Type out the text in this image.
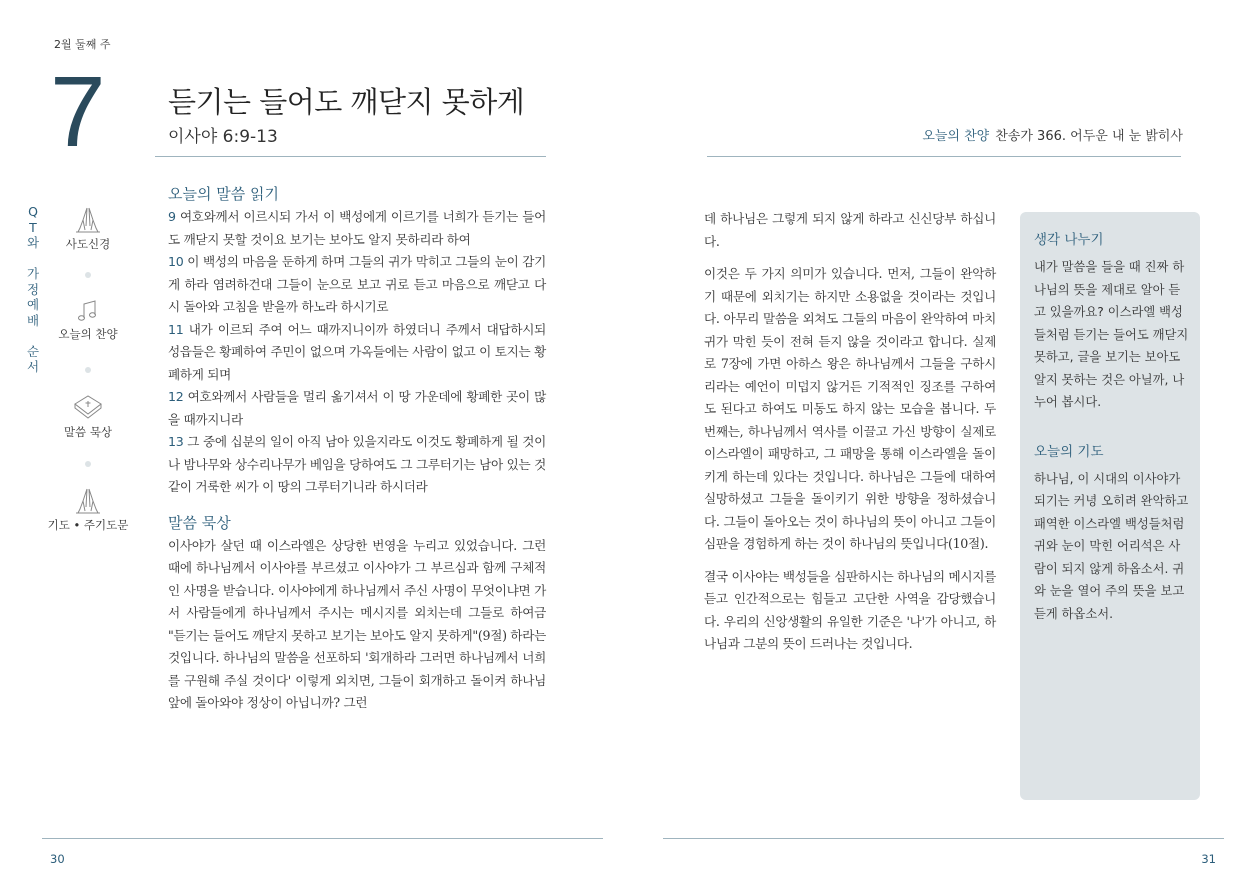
2월 둘째 주
7 듣기는 들어도 깨닫지 못하게
이사야 6:9-13	오늘의 찬양 찬송가 366. 어두운 내 눈 밝히사
Q
T
와
가
정
예
배
순
서
사도신경
오늘의 찬양
말씀 묵상
기도 • 주기도문
오늘의 말씀 읽기

9 여호와께서 이르시되 가서 이 백성에게 이르기를 너희가 듣기는 들어도 깨닫지 못할 것이요 보기는 보아도 알지 못하리라 하여

10 이 백성의 마음을 둔하게 하며 그들의 귀가 막히고 그들의 눈이 감기게 하라 염려하건대 그들이 눈으로 보고 귀로 듣고 마음으로 깨닫고 다시 돌아와 고침을 받을까 하노라 하시기로

11 내가 이르되 주여 어느 때까지니이까 하였더니 주께서 대답하시되 성읍들은 황폐하여 주민이 없으며 가옥들에는 사람이 없고 이 토지는 황폐하게 되며

12 여호와께서 사람들을 멀리 옮기셔서 이 땅 가운데에 황폐한 곳이 많을 때까지니라

13 그 중에 십분의 일이 아직 남아 있을지라도 이것도 황폐하게 될 것이나 밤나무와 상수리나무가 베임을 당하여도 그 그루터기는 남아 있는 것 같이 거룩한 씨가 이 땅의 그루터기니라 하시더라

말씀 묵상

이사야가 살던 때 이스라엘은 상당한 번영을 누리고 있었습니다. 그런 때에 하나님께서 이사야를 부르셨고 이사야가 그 부르심과 함께 구체적인 사명을 받습니다. 이사야에게 하나님께서 주신 사명이 무엇이냐면 가서 사람들에게 하나님께서 주시는 메시지를 외치는데 그들로 하여금 "듣기는 들어도 깨닫지 못하고 보기는 보아도 알지 못하게"(9절) 하라는 것입니다. 하나님의 말씀을 선포하되 '회개하라 그러면 하나님께서 너희를 구원해 주실 것이다' 이렇게 외치면, 그들이 회개하고 돌이켜 하나님 앞에 돌아와야 정상이 아닙니까? 그런

데 하나님은 그렇게 되지 않게 하라고 신신당부 하십니다.

이것은 두 가지 의미가 있습니다. 먼저, 그들이 완악하기 때문에 외치기는 하지만 소용없을 것이라는 것입니다. 아무리 말씀을 외쳐도 그들의 마음이 완악하여 마치 귀가 막힌 듯이 전혀 듣지 않을 것이라고 합니다. 실제로 7장에 가면 아하스 왕은 하나님께서 그들을 구하시리라는 예언이 미덥지 않거든 기적적인 징조를 구하여도 된다고 하여도 미동도 하지 않는 모습을 봅니다. 두 번째는, 하나님께서 역사를 이끌고 가신 방향이 실제로 이스라엘이 패망하고, 그 패망을 통해 이스라엘을 돌이키게 하는데 있다는 것입니다. 하나님은 그들에 대하여 실망하셨고 그들을 돌이키기 위한 방향을 정하셨습니다. 그들이 돌아오는 것이 하나님의 뜻이 아니고 그들이 심판을 경험하게 하는 것이 하나님의 뜻입니다(10절).

결국 이사야는 백성들을 심판하시는 하나님의 메시지를 듣고 인간적으로는 힘들고 고단한 사역을 감당했습니다. 우리의 신앙생활의 유일한 기준은 '나'가 아니고, 하나님과 그분의 뜻이 드러나는 것입니다.

생각 나누기

내가 말씀을 들을 때 진짜 하나님의 뜻을 제대로 알아 듣고 있을까요? 이스라엘 백성들처럼 듣기는 들어도 깨닫지 못하고, 글을 보기는 보아도 알지 못하는 것은 아닐까, 나누어 봅시다.

오늘의 기도

하나님, 이 시대의 이사야가 되기는 커녕 오히려 완악하고 패역한 이스라엘 백성들처럼 귀와 눈이 막힌 어리석은 사람이 되지 않게 하옵소서. 귀와 눈을 열어 주의 뜻을 보고 듣게 하옵소서.

30	31
